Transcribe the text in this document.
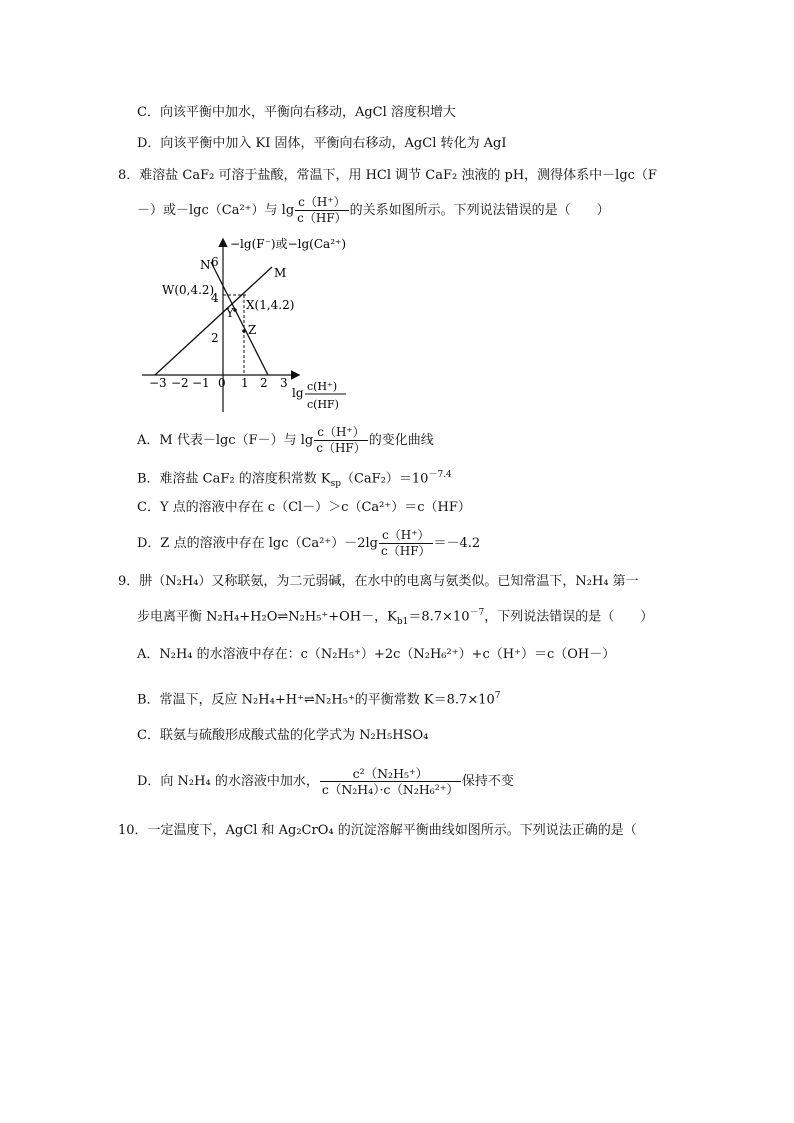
C．向该平衡中加水，平衡向右移动，AgCl 溶度积增大
D．向该平衡中加入 KI 固体，平衡向右移动，AgCl 转化为 AgI
8．难溶盐 CaF₂ 可溶于盐酸，常温下，用 HCl 调节 CaF₂ 浊液的 pH，测得体系中－lgc（F
－）或－lgc（Ca²⁺）与 $\lg \frac{c(H^+)}{c(HF)}$ 的关系如图所示。下列说法错误的是（　　）
−3 −2 −1 0 1 2 3
2
4
6
−lg(F⁻)或−lg(Ca²⁺)
N
M
W(0,4.2)
X(1,4.2)
Y
Z
lg c(H⁺)
c(HF)
A．M 代表－lgc（F－）与 $\lg \frac{c(H^+)}{c(HF)}$ 的变化曲线
B．难溶盐 CaF₂ 的溶度积常数 $K_{sp}(CaF_2)=10^{-7.4}$
C．Y 点的溶液中存在 c（Cl－）＞c（Ca²⁺）＝c（HF）
D．Z 点的溶液中存在 $\lg c(Ca^{2+})-2\lg \frac{c(H^+)}{c(HF)} =-4.2$
9．肼（N₂H₄）又称联氨，为二元弱碱，在水中的电离与氨类似。已知常温下，N₂H₄ 第一
步电离平衡 N₂H₄+H₂O⇌N₂H₅⁺+OH－，$K_{b1}=8.7\times 10^{-7}$，下列说法错误的是（　　）
A．N₂H₄ 的水溶液中存在：c（N₂H₅⁺）+2c（N₂H₆²⁺）+c（H⁺）＝c（OH－）
B．常温下，反应 N₂H₄+H⁺⇌N₂H₅⁺的平衡常数 $K=8.7\times 10^7$
C．联氨与硫酸形成酸式盐的化学式为 N₂H₅HSO₄
D．向 N₂H₄ 的水溶液中加水， $\frac{\text{c²（N₂H₅⁺）}}{\text{c（N₂H₄）·c（N₂H₆²⁺）}}$ 保持不变
10．一定温度下，AgCl 和 Ag₂CrO₄ 的沉淀溶解平衡曲线如图所示。下列说法正确的是（
